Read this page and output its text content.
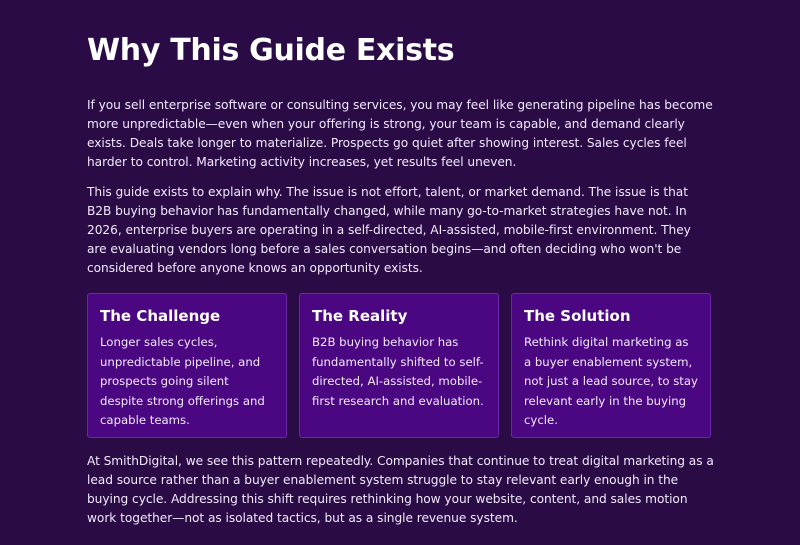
Why This Guide Exists

If you sell enterprise software or consulting services, you may feel like generating pipeline has become more unpredictable—even when your offering is strong, your team is capable, and demand clearly exists. Deals take longer to materialize. Prospects go quiet after showing interest. Sales cycles feel harder to control. Marketing activity increases, yet results feel uneven.

This guide exists to explain why. The issue is not effort, talent, or market demand. The issue is that B2B buying behavior has fundamentally changed, while many go-to-market strategies have not. In 2026, enterprise buyers are operating in a self-directed, AI-assisted, mobile-first environment. They are evaluating vendors long before a sales conversation begins—and often deciding who won't be considered before anyone knows an opportunity exists.

The Challenge

Longer sales cycles, unpredictable pipeline, and prospects going silent despite strong offerings and capable teams.

The Reality

B2B buying behavior has fundamentally shifted to self-directed, AI-assisted, mobile-first research and evaluation.

The Solution

Rethink digital marketing as a buyer enablement system, not just a lead source, to stay relevant early in the buying cycle.

At SmithDigital, we see this pattern repeatedly. Companies that continue to treat digital marketing as a lead source rather than a buyer enablement system struggle to stay relevant early enough in the buying cycle. Addressing this shift requires rethinking how your website, content, and sales motion work together—not as isolated tactics, but as a single revenue system.
